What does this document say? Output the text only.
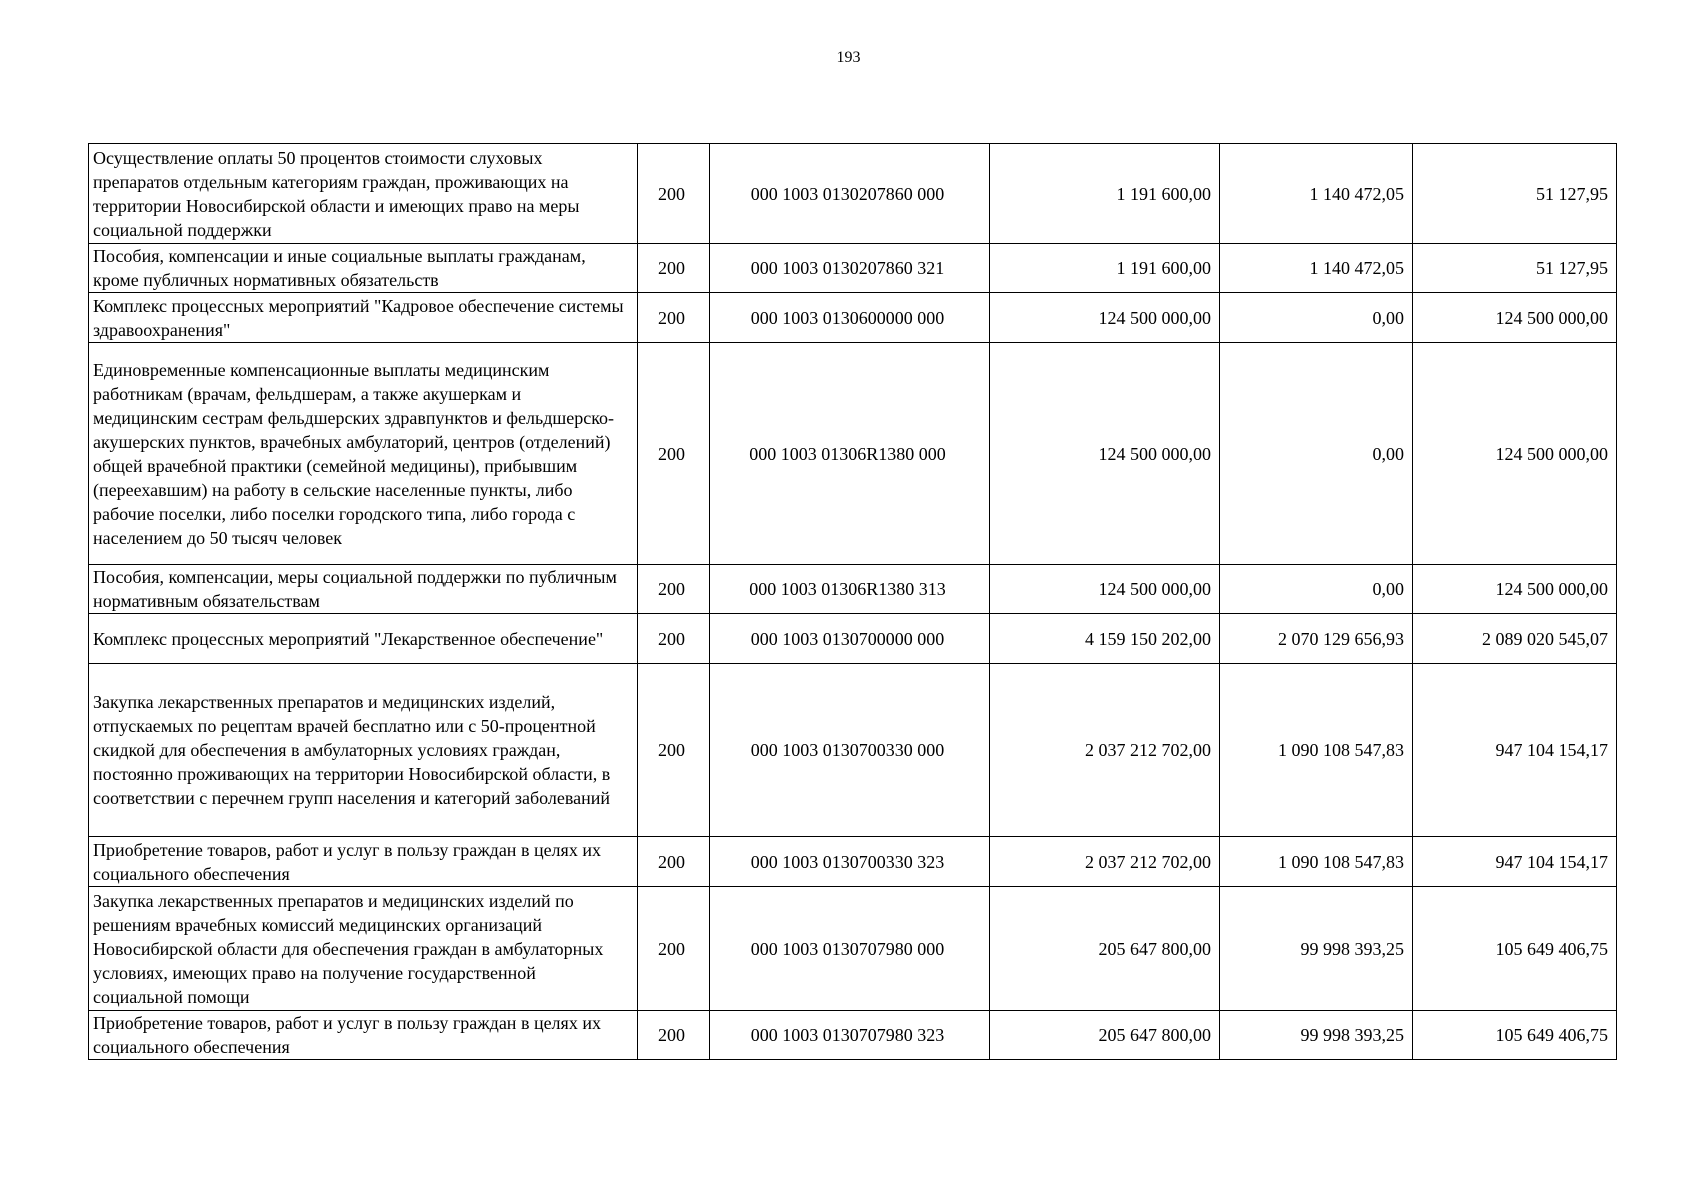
193
Осуществление оплаты 50 процентов стоимости слуховых препаратов отдельным категориям граждан, проживающих на территории Новосибирской области и имеющих право на меры социальной поддержки	200	000 1003 0130207860 000	1 191 600,00	1 140 472,05	51 127,95
Пособия, компенсации и иные социальные выплаты гражданам, кроме публичных нормативных обязательств	200	000 1003 0130207860 321	1 191 600,00	1 140 472,05	51 127,95
Комплекс процессных мероприятий "Кадровое обеспечение системы здравоохранения"	200	000 1003 0130600000 000	124 500 000,00	0,00	124 500 000,00
Единовременные компенсационные выплаты медицинским работникам (врачам, фельдшерам, а также акушеркам и медицинским сестрам фельдшерских здравпунктов и фельдшерско-акушерских пунктов, врачебных амбулаторий, центров (отделений) общей врачебной практики (семейной медицины), прибывшим (переехавшим) на работу в сельские населенные пункты, либо рабочие поселки, либо поселки городского типа, либо города с населением до 50 тысяч человек	200	000 1003 01306R1380 000	124 500 000,00	0,00	124 500 000,00
Пособия, компенсации, меры социальной поддержки по публичным нормативным обязательствам	200	000 1003 01306R1380 313	124 500 000,00	0,00	124 500 000,00
Комплекс процессных мероприятий "Лекарственное обеспечение"	200	000 1003 0130700000 000	4 159 150 202,00	2 070 129 656,93	2 089 020 545,07
Закупка лекарственных препаратов и медицинских изделий, отпускаемых по рецептам врачей бесплатно или с 50-процентной скидкой для обеспечения в амбулаторных условиях граждан, постоянно проживающих на территории Новосибирской области, в соответствии с перечнем групп населения и категорий заболеваний	200	000 1003 0130700330 000	2 037 212 702,00	1 090 108 547,83	947 104 154,17
Приобретение товаров, работ и услуг в пользу граждан в целях их социального обеспечения	200	000 1003 0130700330 323	2 037 212 702,00	1 090 108 547,83	947 104 154,17
Закупка лекарственных препаратов и медицинских изделий по решениям врачебных комиссий медицинских организаций Новосибирской области для обеспечения граждан в амбулаторных условиях, имеющих право на получение государственной социальной помощи	200	000 1003 0130707980 000	205 647 800,00	99 998 393,25	105 649 406,75
Приобретение товаров, работ и услуг в пользу граждан в целях их социального обеспечения	200	000 1003 0130707980 323	205 647 800,00	99 998 393,25	105 649 406,75
